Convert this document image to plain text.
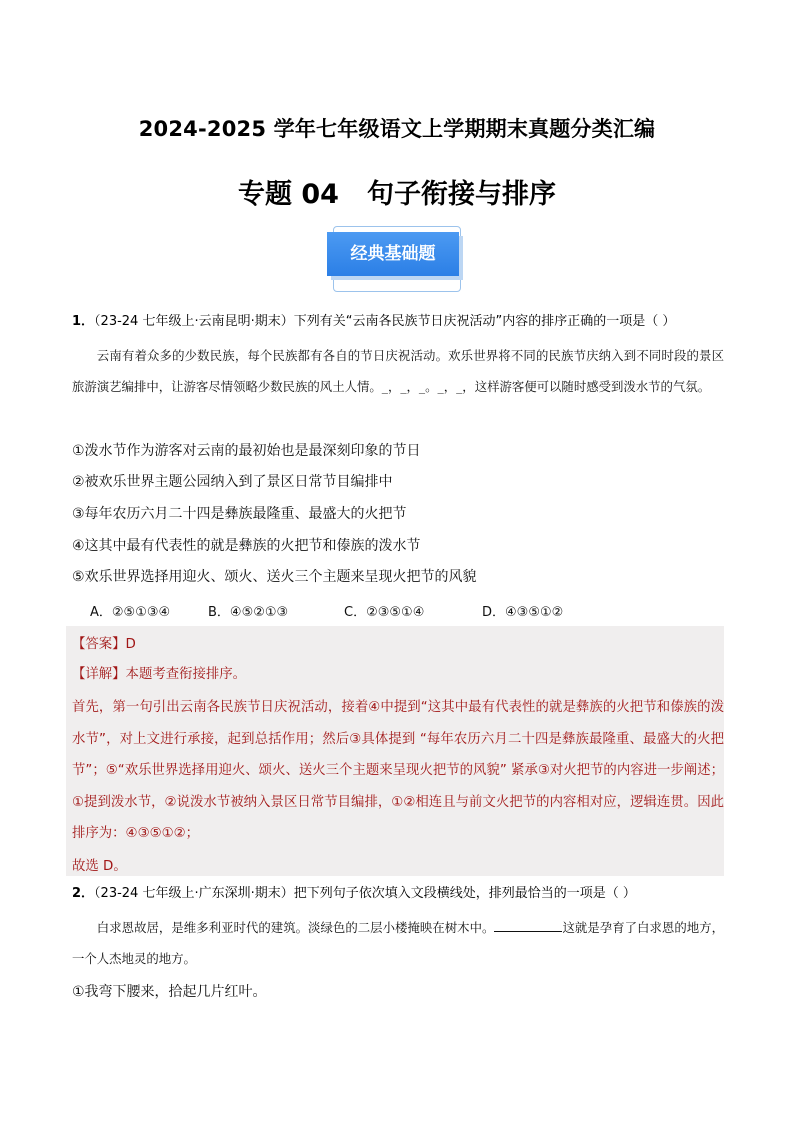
2024-2025 学年七年级语文上学期期末真题分类汇编
专题 04 句子衔接与排序
经典基础题
1．（23-24 七年级上·云南昆明·期末）下列有关“云南各民族节日庆祝活动”内容的排序正确的一项是（ ）
云南有着众多的少数民族，每个民族都有各自的节日庆祝活动。欢乐世界将不同的民族节庆纳入到不同时段的景区旅游演艺编排中，让游客尽情领略少数民族的风土人情。_，_，_。_，_，这样游客便可以随时感受到泼水节的气氛。
①泼水节作为游客对云南的最初始也是最深刻印象的节日
②被欢乐世界主题公园纳入到了景区日常节目编排中
③每年农历六月二十四是彝族最隆重、最盛大的火把节
④这其中最有代表性的就是彝族的火把节和傣族的泼水节
⑤欢乐世界选择用迎火、颂火、送火三个主题来呈现火把节的风貌
A．②⑤①③④	B．④⑤②①③	C．②③⑤①④	D．④③⑤①②
【答案】D
【详解】本题考查衔接排序。
首先，第一句引出云南各民族节日庆祝活动，接着④中提到“这其中最有代表性的就是彝族的火把节和傣族的泼水节”，对上文进行承接，起到总括作用；然后③具体提到 “每年农历六月二十四是彝族最隆重、最盛大的火把节”；⑤“欢乐世界选择用迎火、颂火、送火三个主题来呈现火把节的风貌” 紧承③对火把节的内容进一步阐述；①提到泼水节，②说泼水节被纳入景区日常节目编排，①②相连且与前文火把节的内容相对应，逻辑连贯。因此排序为：④③⑤①②；
故选 D。
2．（23-24 七年级上·广东深圳·期末）把下列句子依次填入文段横线处，排列最恰当的一项是（ ）
白求恩故居，是维多利亚时代的建筑。淡绿色的二层小楼掩映在树木中。	这就是孕育了白求恩的地方，一个人杰地灵的地方。
①我弯下腰来，拾起几片红叶。
